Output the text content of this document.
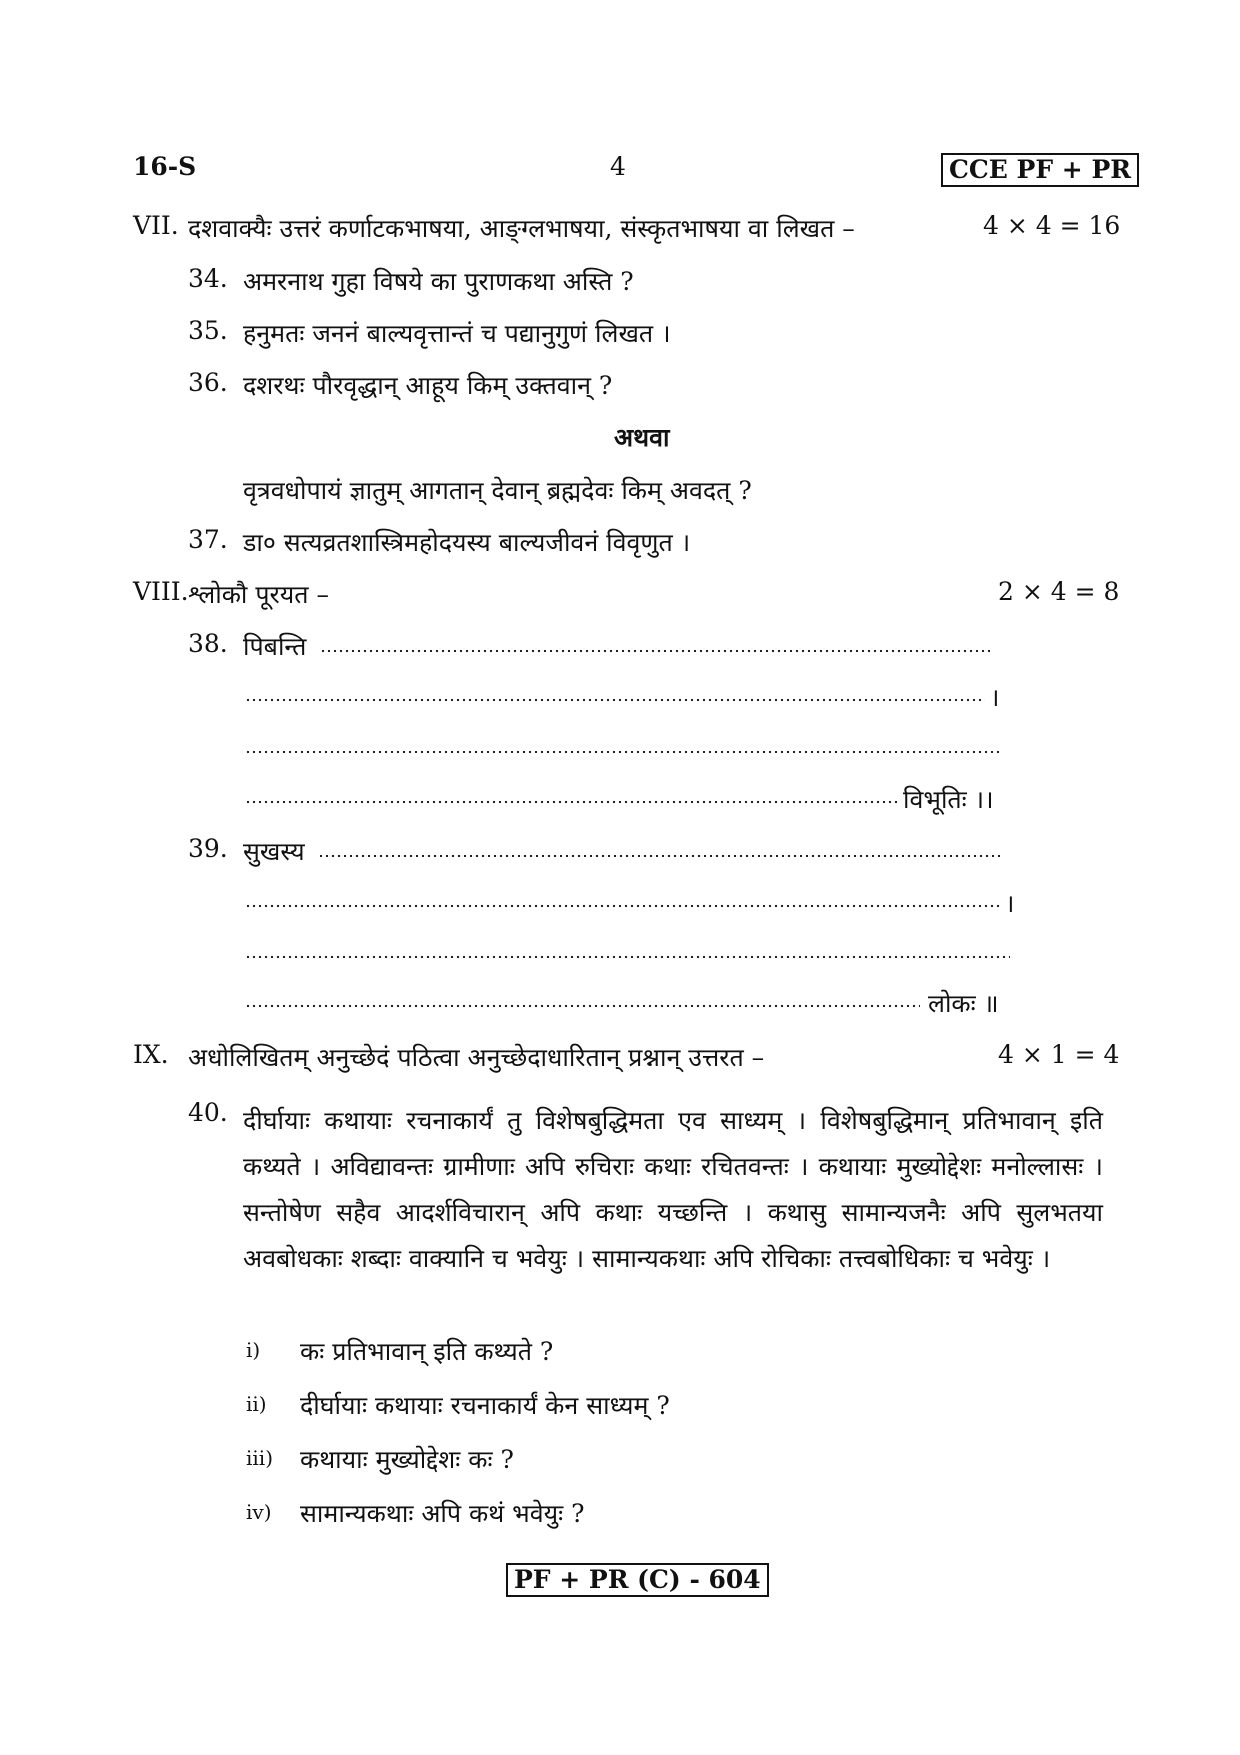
16-S	4	CCE PF + PR
VII. दशवाक्यैः उत्तरं कर्णाटकभाषया, आङ्ग्लभाषया, संस्कृतभाषया वा लिखत –	4 × 4 = 16
34. अमरनाथ गुहा विषये का पुराणकथा अस्ति ?
35. हनुमतः जननं बाल्यवृत्तान्तं च पद्यानुगुणं लिखत ।
36. दशरथः पौरवृद्धान् आहूय किम् उक्तवान् ?
अथवा
वृत्रवधोपायं ज्ञातुम् आगतान् देवान् ब्रह्मदेवः किम् अवदत् ?
37. डा० सत्यव्रतशास्त्रिमहोदयस्य बाल्यजीवनं विवृणुत ।
VIII. श्लोकौ पूरयत –	2 × 4 = 8
38. पिबन्ति
।
विभूतिः ।।
39. सुखस्य
।
लोकः ॥
IX. अधोलिखितम् अनुच्छेदं पठित्वा अनुच्छेदाधारितान् प्रश्नान् उत्तरत –	4 × 1 = 4
40. दीर्घायाः कथायाः रचनाकार्यं तु विशेषबुद्धिमता एव साध्यम् । विशेषबुद्धिमान् प्रतिभावान् इति कथ्यते । अविद्यावन्तः ग्रामीणाः अपि रुचिराः कथाः रचितवन्तः । कथायाः मुख्योद्देशः मनोल्लासः । सन्तोषेण सहैव आदर्शविचारान् अपि कथाः यच्छन्ति । कथासु सामान्यजनैः अपि सुलभतया अवबोधकाः शब्दाः वाक्यानि च भवेयुः । सामान्यकथाः अपि रोचिकाः तत्त्वबोधिकाः च भवेयुः ।

i) कः प्रतिभावान् इति कथ्यते ?
ii) दीर्घायाः कथायाः रचनाकार्यं केन साध्यम् ?
iii) कथायाः मुख्योद्देशः कः ?
iv) सामान्यकथाः अपि कथं भवेयुः ?
PF + PR (C) - 604
